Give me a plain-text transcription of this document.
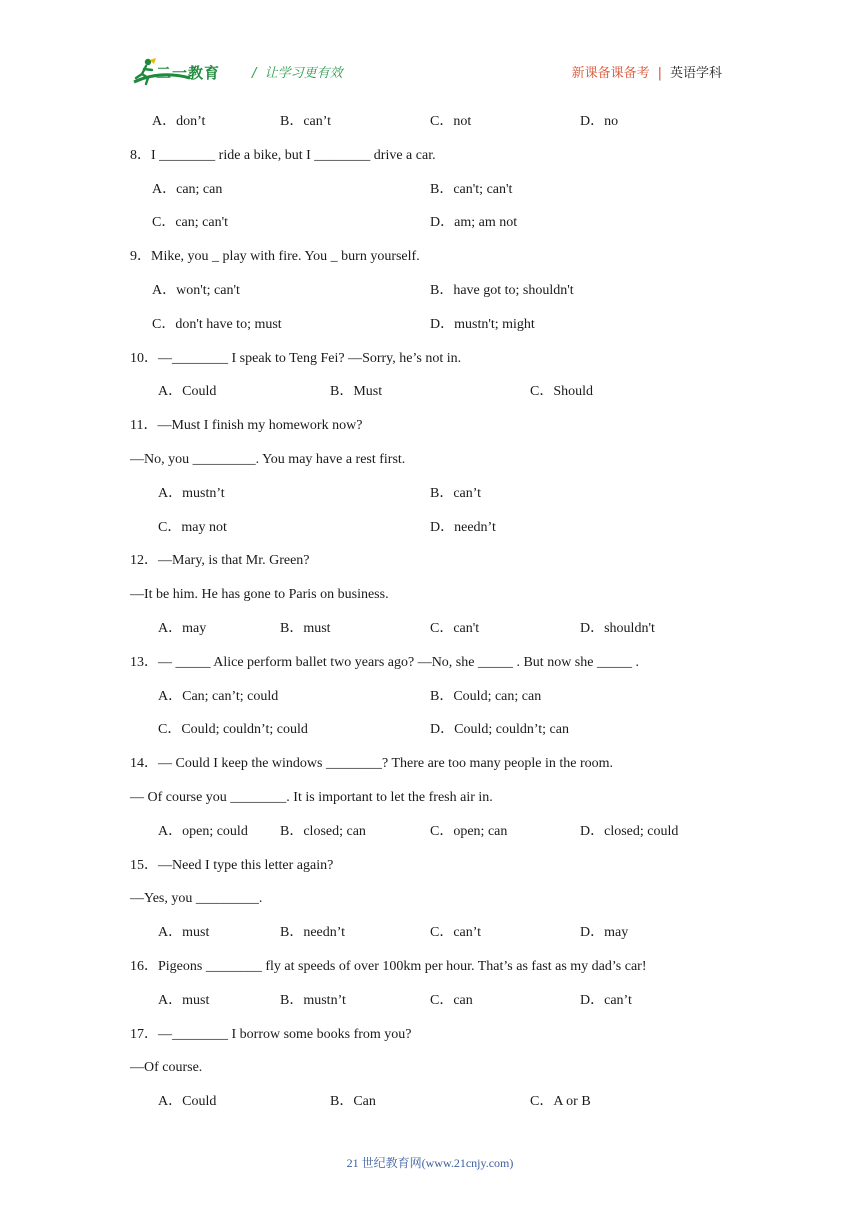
二一教育 /  让学习更有效	新课备课备考 | 英语学科
A．don’t	B．can’t	C．not	D．no
8．I ________ ride a bike, but I ________ drive a car.
A．can; can	B．can't; can't
C．can; can't	D．am; am not
9．Mike, you _ play with fire. You _ burn yourself.
A．won't; can't	B．have got to; shouldn't
C．don't have to; must	D．mustn't; might
10．—________ I speak to Teng Fei? —Sorry, he’s not in.
A．Could	B．Must	C．Should
11．—Must I finish my homework now?
—No, you _________. You may have a rest first.
A．mustn’t	B．can’t
C．may not	D．needn’t
12．—Mary, is that Mr. Green?
—It be him. He has gone to Paris on business.
A．may	B．must	C．can't	D．shouldn't
13．— _____ Alice perform ballet two years ago? —No, she _____ . But now she _____ .
A．Can; can’t; could	B．Could; can; can
C．Could; couldn’t; could	D．Could; couldn’t; can
14．— Could I keep the windows ________? There are too many people in the room.
— Of course you ________. It is important to let the fresh air in.
A．open; could B．closed; can	C．open; can	D．closed; could
15．—Need I type this letter again?
—Yes, you _________.
A．must	B．needn’t	C．can’t	D．may
16．Pigeons ________ fly at speeds of over 100km per hour. That’s as fast as my dad’s car!
A．must	B．mustn’t	C．can	D．can’t
17．—________ I borrow some books from you?
—Of course.
A．Could	B．Can	C．A or B
21 世纪教育网(www.21cnjy.com)
